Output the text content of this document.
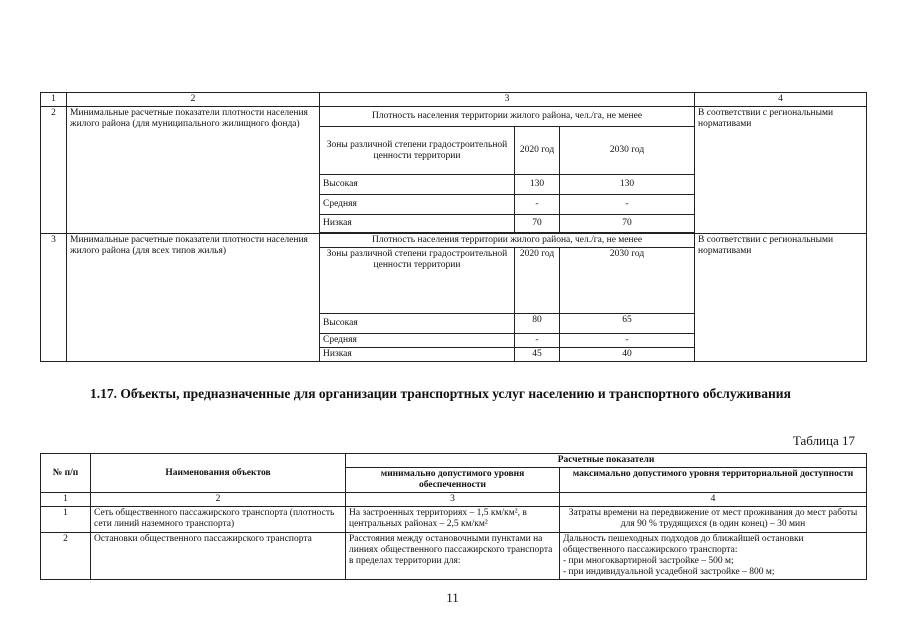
1	2	3			4
2	Минимальные расчетные показатели плотности населения жилого района (для муниципального жилищного фонда)	Плотность населения территории жилого района, чел./га, не менее			В соответствии с региональными нормативами
		Зоны различной степени градостроительной ценности территории	2020 год	2030 год	
		Высокая	130	130	
		Средняя	-	-	
		Низкая	70	70	

3	Минимальные расчетные показатели плотности населения жилого района (для всех типов жилья)	Плотность населения территории жилого района, чел./га, не менее			В соответствии с региональными нормативами
		Зоны различной степени градостроительной ценности территории	2020 год	2030 год	
		Высокая	80	65	
		Средняя	-	-	
		Низкая	45	40	
1.17. Объекты, предназначенные для организации транспортных услуг населению и транспортного обслуживания
Таблица 17
№ п/п	Наименования объектов	Расчетные показатели	
		минимально допустимого уровня обеспеченности	максимально допустимого уровня территориальной доступности
1	2	3	4
1	Сеть общественного пассажирского транспорта (плотность сети линий наземного транспорта)	На застроенных территориях – 1,5 км/км², в центральных районах – 2,5 км/км²	Затраты времени на передвижение от мест проживания до мест работы для 90 % трудящихся (в один конец) – 30 мин
2	Остановки общественного пассажирского транспорта	Расстояния между остановочными пунктами на линиях общественного пассажирского транспорта в пределах территории для:	Дальность пешеходных подходов до ближайшей остановки общественного пассажирского транспорта:
- при многоквартирной застройке – 500 м;
- при индивидуальной усадебной застройке – 800 м;
11
